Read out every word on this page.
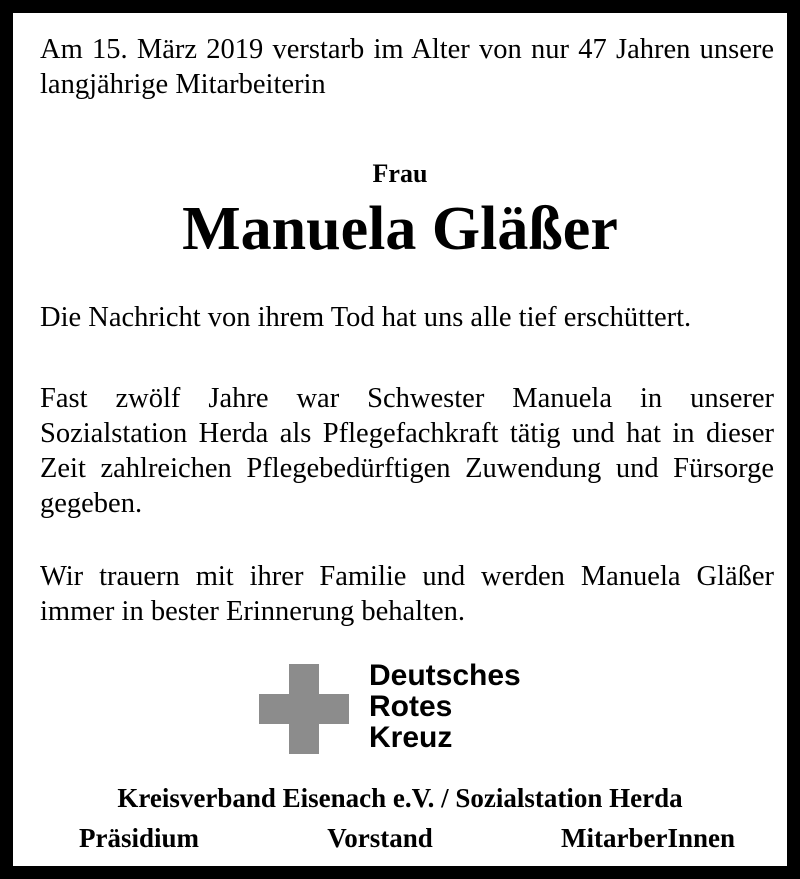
Am 15. März 2019 verstarb im Alter von nur 47 Jahren unsere langjährige Mitarbeiterin

Frau

Manuela Gläßer

Die Nachricht von ihrem Tod hat uns alle tief erschüttert.

Fast zwölf Jahre war Schwester Manuela in unserer Sozialstation Herda als Pflegefachkraft tätig und hat in dieser Zeit zahlreichen Pflegebedürftigen Zuwendung und Fürsorge gegeben.

Wir trauern mit ihrer Familie und werden Manuela Gläßer immer in bester Erinnerung behalten.

Deutsches
Rotes
Kreuz

Kreisverband Eisenach e.V. / Sozialstation Herda

Präsidium	Vorstand	MitarberInnen
